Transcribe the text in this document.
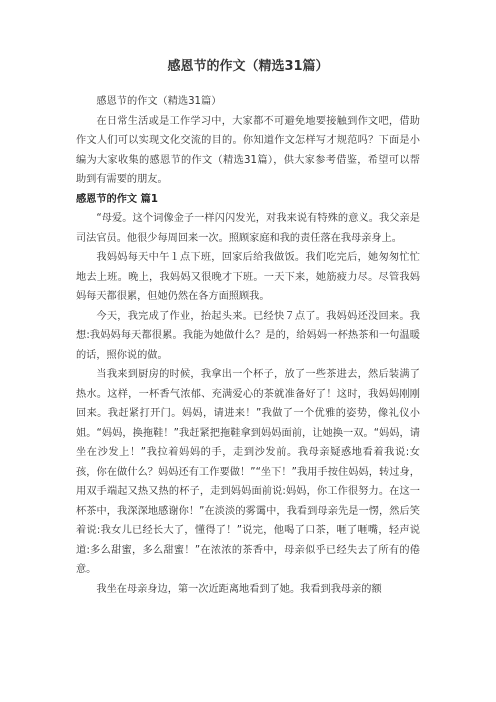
感恩节的作文（精选31篇）

感恩节的作文（精选31篇）

在日常生活或是工作学习中，大家都不可避免地要接触到作文吧，借助作文人们可以实现文化交流的目的。你知道作文怎样写才规范吗？下面是小编为大家收集的感恩节的作文（精选31篇），供大家参考借鉴，希望可以帮助到有需要的朋友。

感恩节的作文 篇1

“母爱。这个词像金子一样闪闪发光，对我来说有特殊的意义。我父亲是司法官员。他很少每周回来一次。照顾家庭和我的责任落在我母亲身上。

我妈妈每天中午１点下班，回家后给我做饭。我们吃完后，她匆匆忙忙地去上班。晚上，我妈妈又很晚才下班。一天下来，她筋疲力尽。尽管我妈妈每天都很累，但她仍然在各方面照顾我。

今天，我完成了作业，抬起头来。已经快７点了。我妈妈还没回来。我想:我妈妈每天都很累。我能为她做什么？是的，给妈妈一杯热茶和一句温暖的话，照你说的做。

当我来到厨房的时候，我拿出一个杯子，放了一些茶进去，然后装满了热水。这样，一杯香气浓郁、充满爱心的茶就准备好了！这时，我妈妈刚刚回来。我赶紧打开门。妈妈，请进来！”我做了一个优雅的姿势，像礼仪小姐。“妈妈，换拖鞋！”我赶紧把拖鞋拿到妈妈面前，让她换一双。“妈妈，请坐在沙发上！”我拉着妈妈的手，走到沙发前。我母亲疑惑地看着我说:女孩，你在做什么？妈妈还有工作要做！”“坐下！”我用手按住妈妈，转过身，用双手端起又热又热的杯子，走到妈妈面前说:妈妈，你工作很努力。在这一杯茶中，我深深地感谢你！”在淡淡的雾霭中，我看到母亲先是一愣，然后笑着说:我女儿已经长大了，懂得了！”说完，他喝了口茶，咂了咂嘴，轻声说道:多么甜蜜，多么甜蜜！”在浓浓的茶香中，母亲似乎已经失去了所有的倦意。

我坐在母亲身边，第一次近距离地看到了她。我看到我母亲的额
